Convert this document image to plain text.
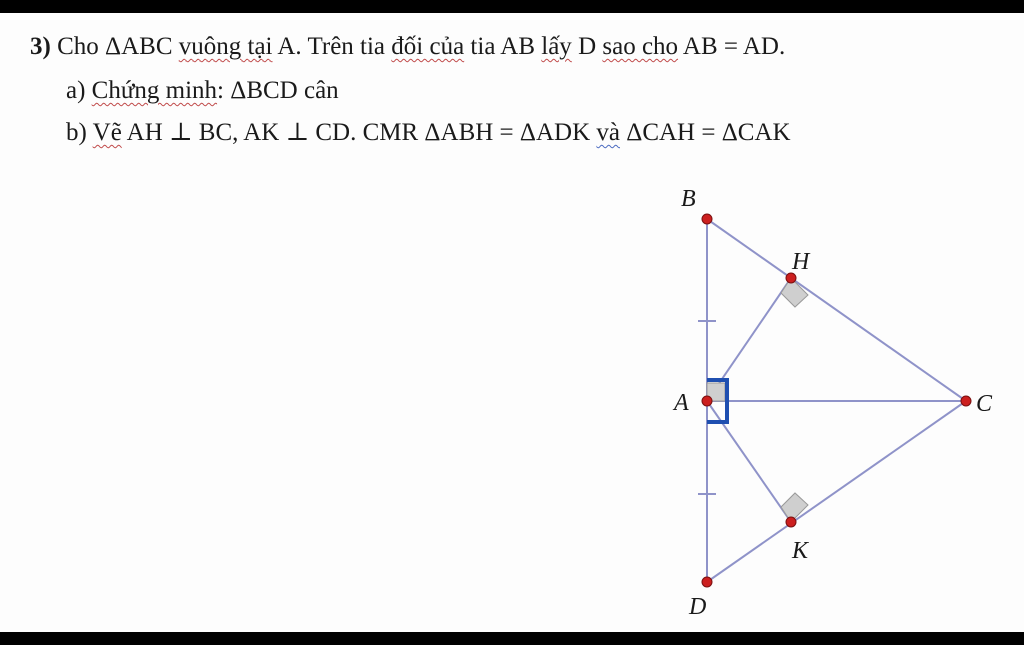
3) Cho ΔABC vuông tại A. Trên tia đối của tia AB lấy D sao cho AB = AD.

a) Chứng minh: ΔBCD cân

b) Vẽ AH ⊥ BC, AK ⊥ CD. CMR ΔABH = ΔADK và ΔCAH = ΔCAK

B
H
A	C
K
D
